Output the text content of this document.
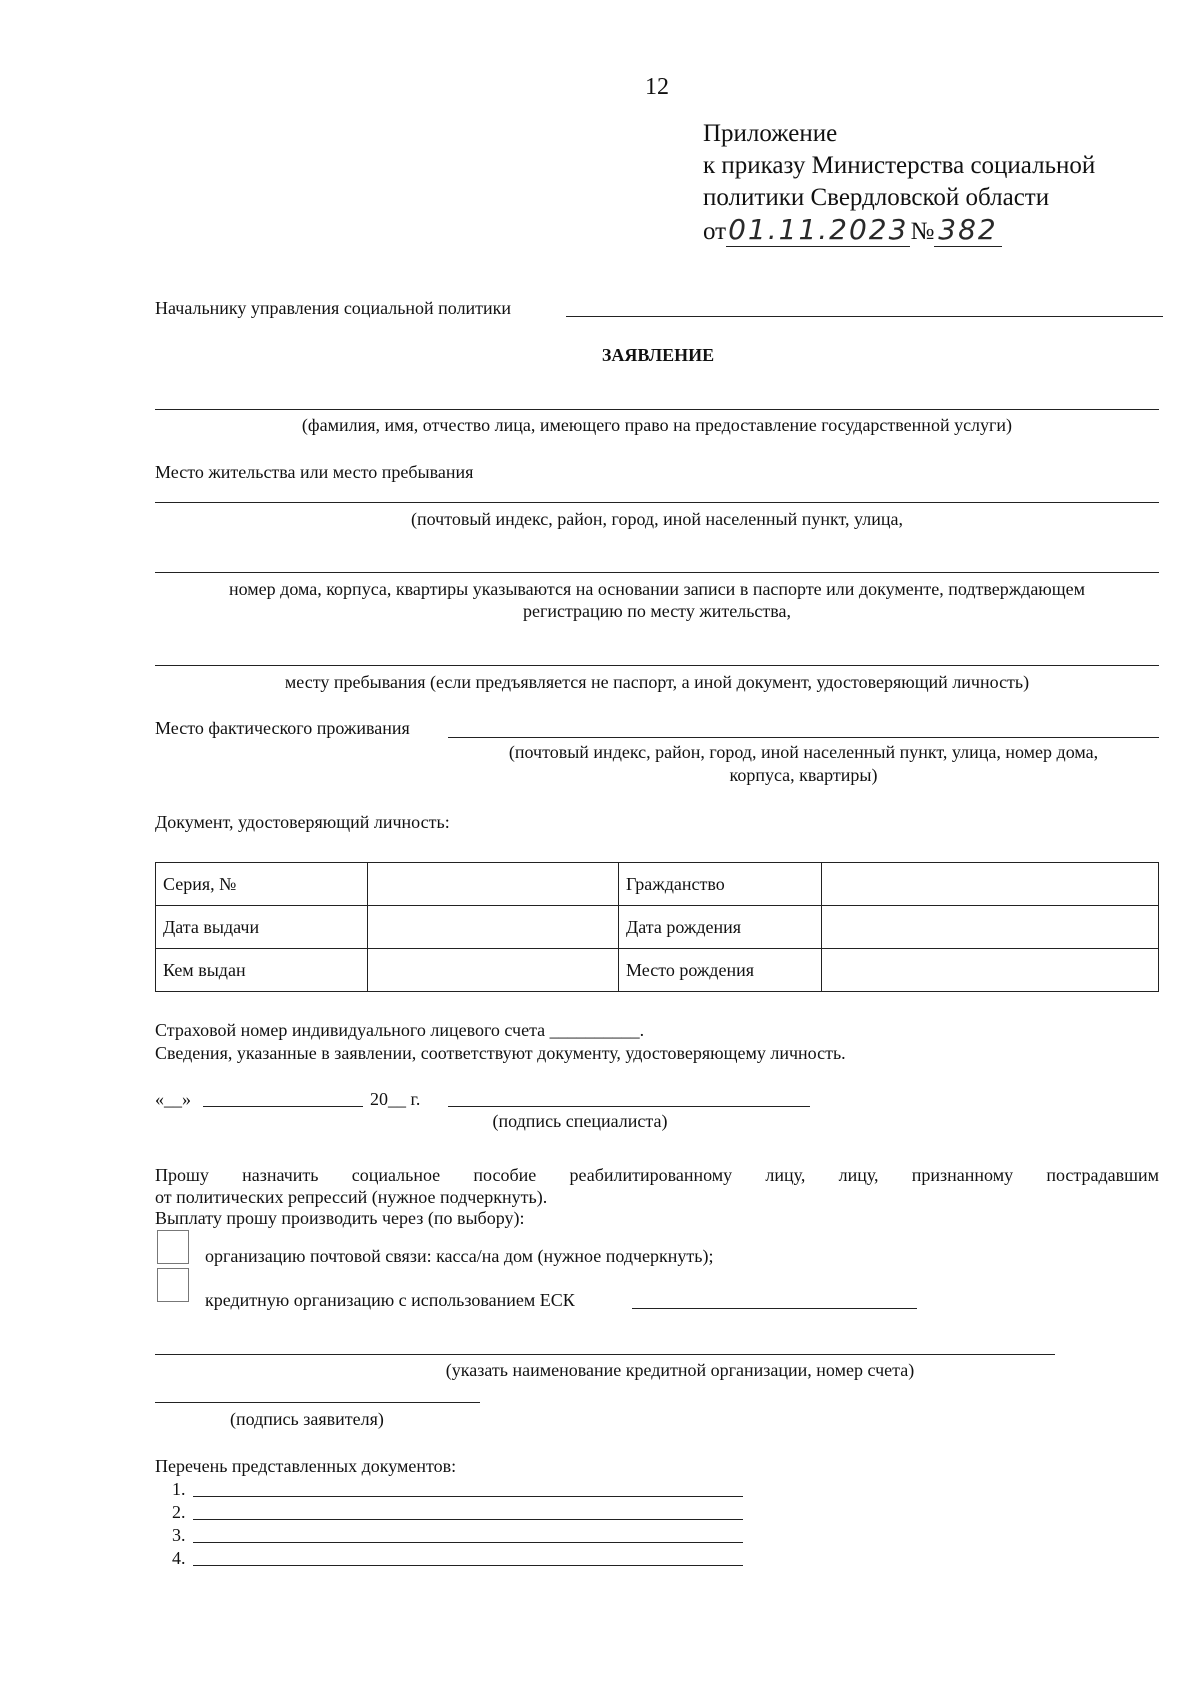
12
Приложение
к приказу Министерства социальной
политики Свердловской области
от01.11.2023№ 382
Начальнику управления социальной политики
ЗАЯВЛЕНИЕ
(фамилия, имя, отчество лица, имеющего право на предоставление государственной услуги)
Место жительства или место пребывания
(почтовый индекс, район, город, иной населенный пункт, улица,
номер дома, корпуса, квартиры указываются на основании записи в паспорте или документе, подтверждающем
регистрацию по месту жительства,
месту пребывания (если предъявляется не паспорт, а иной документ, удостоверяющий личность)
Место фактического проживания
(почтовый индекс, район, город, иной населенный пункт, улица, номер дома,
корпуса, квартиры)
Документ, удостоверяющий личность:
Серия, №		Гражданство	
Дата выдачи		Дата рождения	
Кем выдан		Место рождения	
Страховой номер индивидуального лицевого счета __________.
Сведения, указанные в заявлении, соответствуют документу, удостоверяющему личность.
«__»	20__ г.
(подпись специалиста)
Прошу назначить социальное пособие реабилитированному лицу, лицу, признанному пострадавшим
от политических репрессий (нужное подчеркнуть).
Выплату прошу производить через (по выбору):
организацию почтовой связи: касса/на дом (нужное подчеркнуть);
кредитную организацию с использованием ЕСК
(указать наименование кредитной организации, номер счета)
(подпись заявителя)
Перечень представленных документов:
1.
2.
3.
4.
